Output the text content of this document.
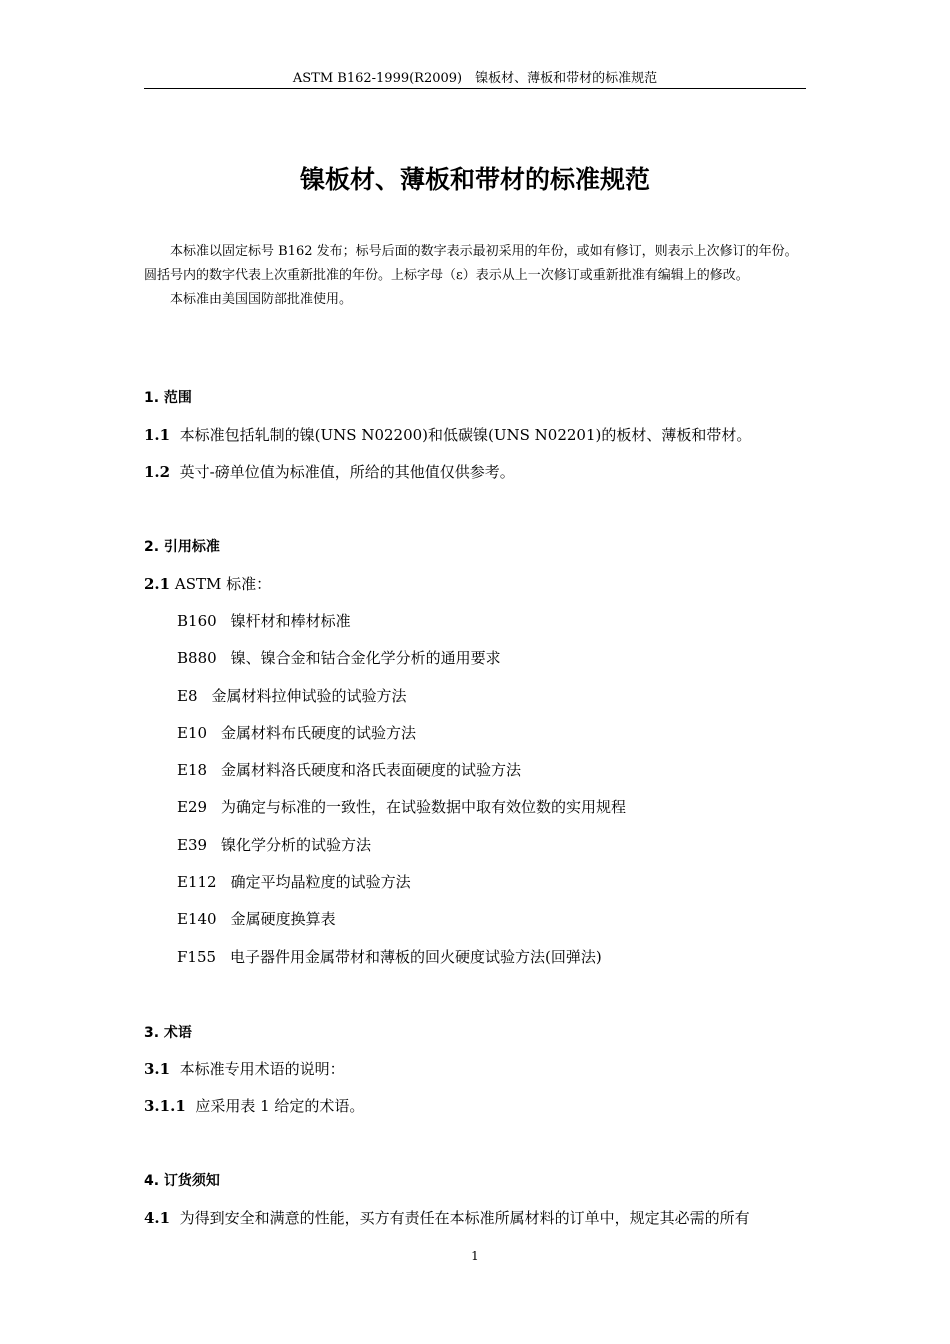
ASTM B162-1999(R2009)　镍板材、薄板和带材的标准规范
镍板材、薄板和带材的标准规范

本标准以固定标号 B162 发布；标号后面的数字表示最初采用的年份，或如有修订，则表示上次修订的年份。圆括号内的数字代表上次重新批准的年份。上标字母（ε）表示从上一次修订或重新批准有编辑上的修改。

本标准由美国国防部批准使用。

1. 范围
1.1 本标准包括轧制的镍(UNS N02200)和低碳镍(UNS N02201)的板材、薄板和带材。
1.2 英寸-磅单位值为标准值，所给的其他值仅供参考。
2. 引用标准
2.1 ASTM 标准：
B160 镍杆材和棒材标准
B880 镍、镍合金和钴合金化学分析的通用要求
E8 金属材料拉伸试验的试验方法
E10 金属材料布氏硬度的试验方法
E18 金属材料洛氏硬度和洛氏表面硬度的试验方法
E29 为确定与标准的一致性，在试验数据中取有效位数的实用规程
E39 镍化学分析的试验方法
E112 确定平均晶粒度的试验方法
E140 金属硬度换算表
F155 电子器件用金属带材和薄板的回火硬度试验方法(回弹法)
3. 术语
3.1 本标准专用术语的说明：
3.1.1 应采用表 1 给定的术语。
4. 订货须知
4.1 为得到安全和满意的性能，买方有责任在本标准所属材料的订单中，规定其必需的所有
1
